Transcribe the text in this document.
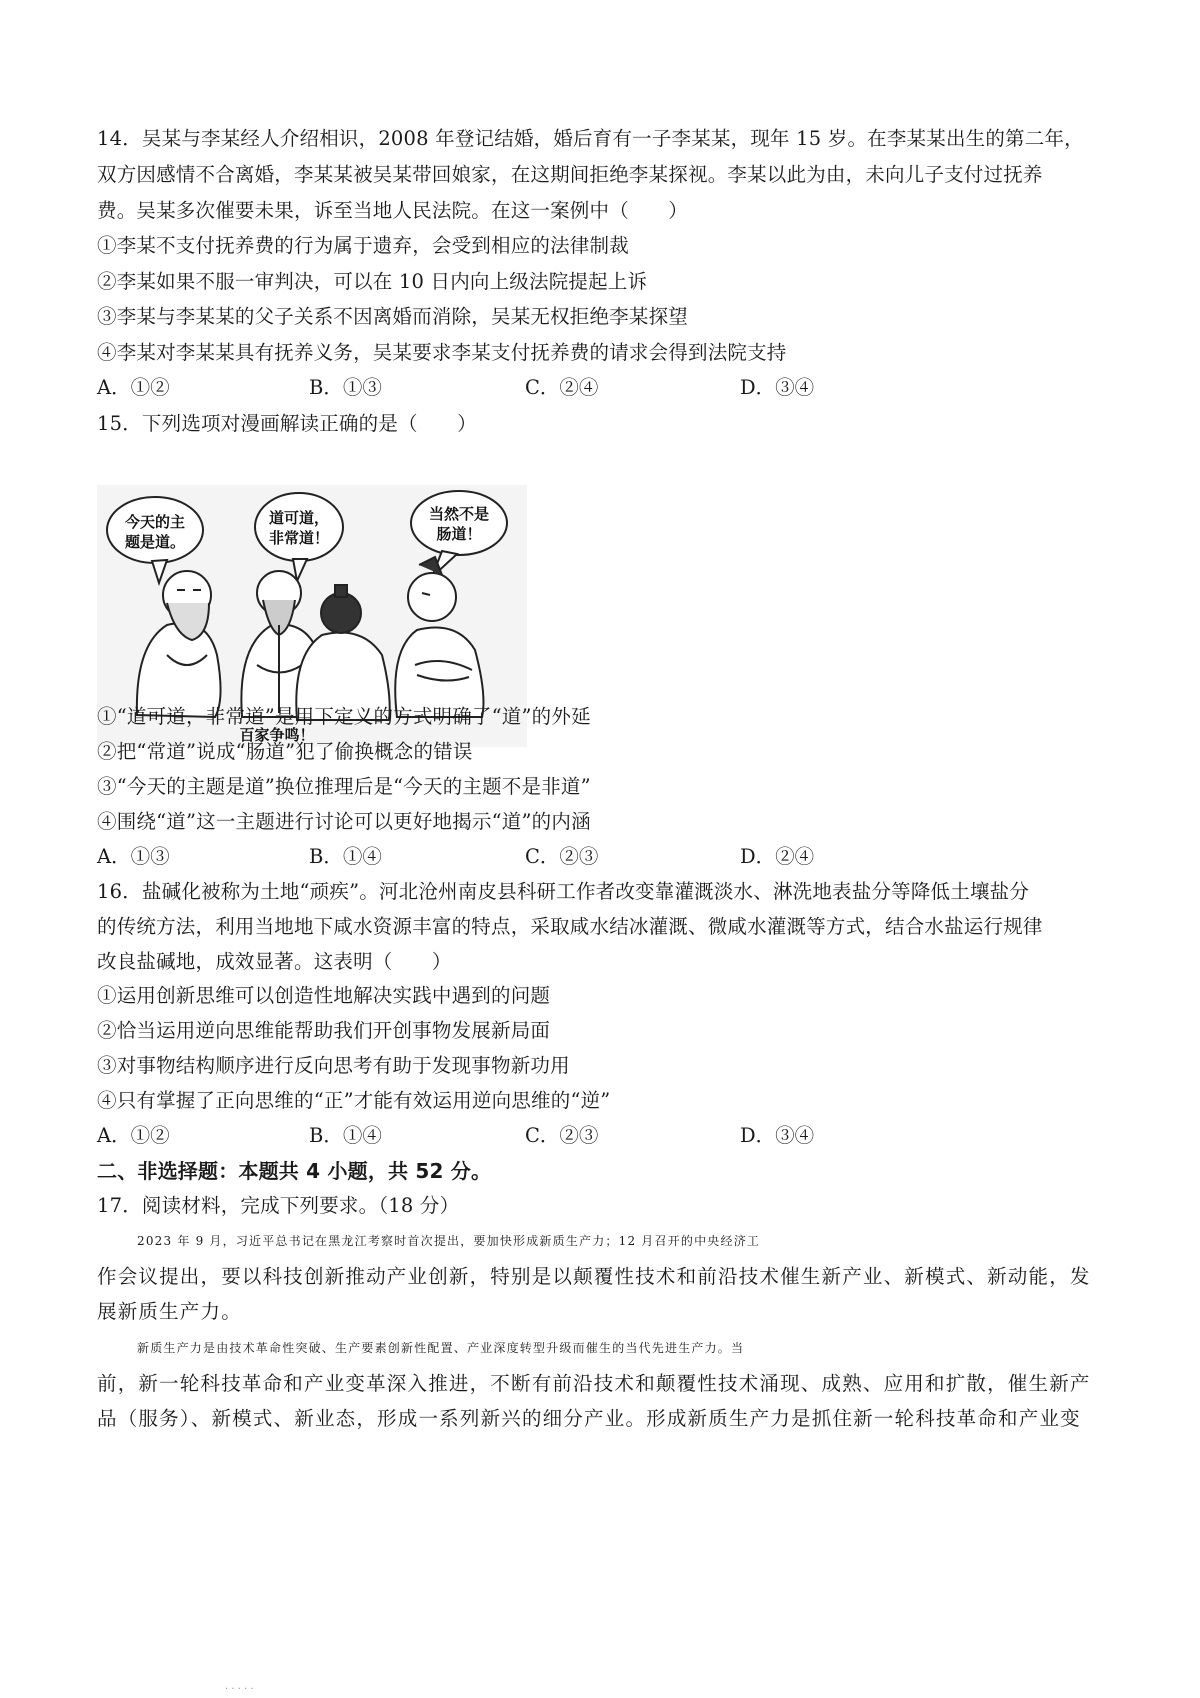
14．吴某与李某经人介绍相识，2008 年登记结婚，婚后育有一子李某某，现年 15 岁。在李某某出生的第二年，
双方因感情不合离婚，李某某被吴某带回娘家，在这期间拒绝李某探视。李某以此为由，未向儿子支付过抚养
费。吴某多次催要未果，诉至当地人民法院。在这一案例中（　　）
①李某不支付抚养费的行为属于遗弃，会受到相应的法律制裁
②李某如果不服一审判决，可以在 10 日内向上级法院提起上诉
③李某与李某某的父子关系不因离婚而消除，吴某无权拒绝李某探望
④李某对李某某具有抚养义务，吴某要求李某支付抚养费的请求会得到法院支持
A．①②	B．①③	C．②④	D．③④
15．下列选项对漫画解读正确的是（　　）
今天的主
题是道。
道可道，
非常道！
当然不是
肠道！
百家争鸣！
①“道可道，非常道”是用下定义的方式明确了“道”的外延
②把“常道”说成“肠道”犯了偷换概念的错误
③“今天的主题是道”换位推理后是“今天的主题不是非道”
④围绕“道”这一主题进行讨论可以更好地揭示“道”的内涵
A．①③	B．①④	C．②③	D．②④
16．盐碱化被称为土地“顽疾”。河北沧州南皮县科研工作者改变靠灌溉淡水、淋洗地表盐分等降低土壤盐分
的传统方法，利用当地地下咸水资源丰富的特点，采取咸水结冰灌溉、微咸水灌溉等方式，结合水盐运行规律
改良盐碱地，成效显著。这表明（　　）
①运用创新思维可以创造性地解决实践中遇到的问题
②恰当运用逆向思维能帮助我们开创事物发展新局面
③对事物结构顺序进行反向思考有助于发现事物新功用
④只有掌握了正向思维的“正”才能有效运用逆向思维的“逆”
A．①②	B．①④	C．②③	D．③④
二、非选择题：本题共 4 小题，共 52 分。
17．阅读材料，完成下列要求。（18 分）
2023 年 9 月，习近平总书记在黑龙江考察时首次提出，要加快形成新质生产力；12 月召开的中央经济工
作会议提出，要以科技创新推动产业创新，特别是以颠覆性技术和前沿技术催生新产业、新模式、新动能，发
展新质生产力。
新质生产力是由技术革命性突破、生产要素创新性配置、产业深度转型升级而催生的当代先进生产力。当
前，新一轮科技革命和产业变革深入推进，不断有前沿技术和颠覆性技术涌现、成熟、应用和扩散，催生新产
品（服务）、新模式、新业态，形成一系列新兴的细分产业。形成新质生产力是抓住新一轮科技革命和产业变
· · · · ·
